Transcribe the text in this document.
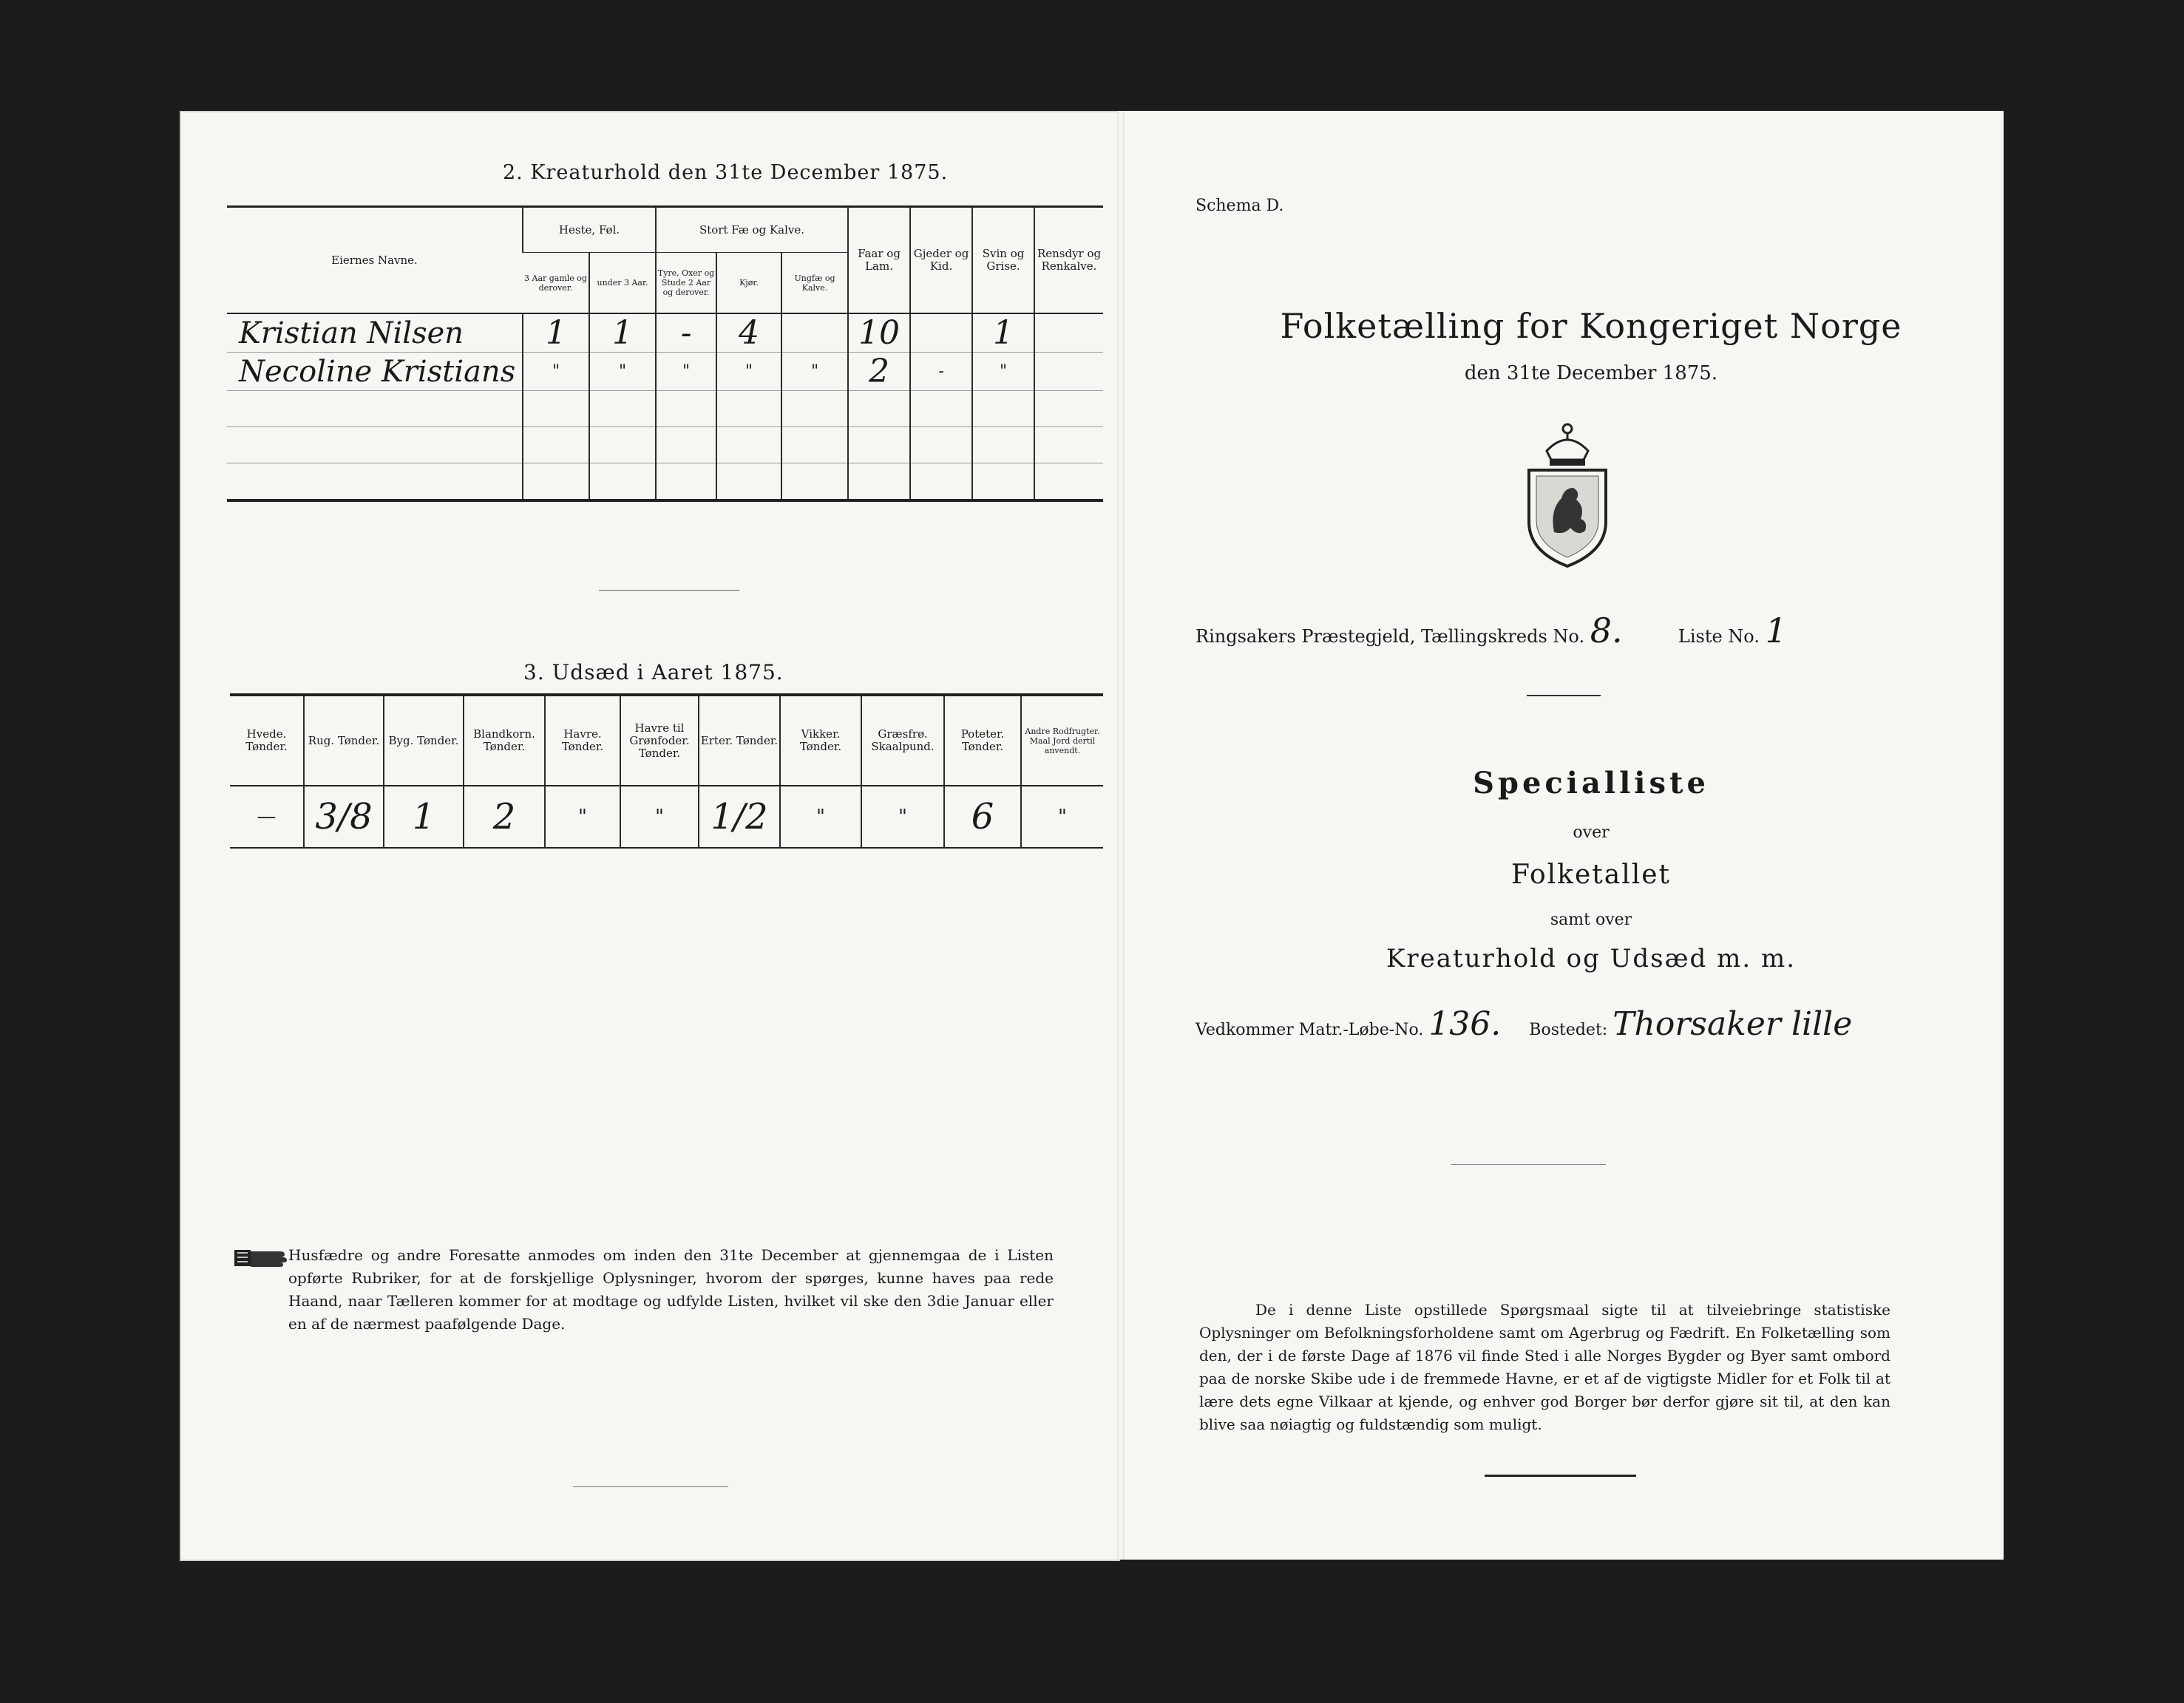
2. Kreaturhold den 31te December 1875.
Eiernes Navne.	Heste, Føl.		Stort Fæ og Kalve.			Faar og Lam.	Gjeder og Kid.	Svin og Grise.	Rensdyr og Renkalve.
	3 Aar gamle og derover.	under 3 Aar.	Tyre, Oxer og Stude 2 Aar og derover.	Kjør.	Ungfæ og Kalve.				
Kristian Nilsen	1	1	-	4		10		1	
Necoline Kristians	"	"	"	"	"	2	-	"	

3. Udsæd i Aaret 1875.
Hvede. Tønder.	Rug. Tønder.	Byg. Tønder.	Blandkorn. Tønder.	Havre. Tønder.	Havre til Grønfoder. Tønder.	Erter. Tønder.	Vikker. Tønder.	Græsfrø. Skaalpund.	Poteter. Tønder.	Andre Rodfrugter. Maal Jord dertil anvendt.
—	3/8	1	2	"	"	1/2	"	"	6	"
Husfædre og andre Foresatte anmodes om inden den 31te December at gjennemgaa de i Listen opførte Rubriker, for at de forskjellige Oplysninger, hvorom der spørges, kunne haves paa rede Haand, naar Tælleren kommer for at modtage og udfylde Listen, hvilket vil ske den 3die Januar eller en af de nærmest paafølgende Dage.
Schema D.
Folketælling for Kongeriget Norge
den 31te December 1875.
Ringsakers Præstegjeld, Tællingskreds No. 8.	Liste No. 1
Specialliste
over
Folketallet
samt over
Kreaturhold og Udsæd m. m.
Vedkommer Matr.-Løbe-No. 136. Bostedet: Thorsaker lille
De i denne Liste opstillede Spørgsmaal sigte til at tilveiebringe statistiske Oplysninger om Befolkningsforholdene samt om Agerbrug og Fædrift. En Folketælling som den, der i de første Dage af 1876 vil finde Sted i alle Norges Bygder og Byer samt ombord paa de norske Skibe ude i de fremmede Havne, er et af de vigtigste Midler for et Folk til at lære dets egne Vilkaar at kjende, og enhver god Borger bør derfor gjøre sit til, at den kan blive saa nøiagtig og fuldstændig som muligt.
